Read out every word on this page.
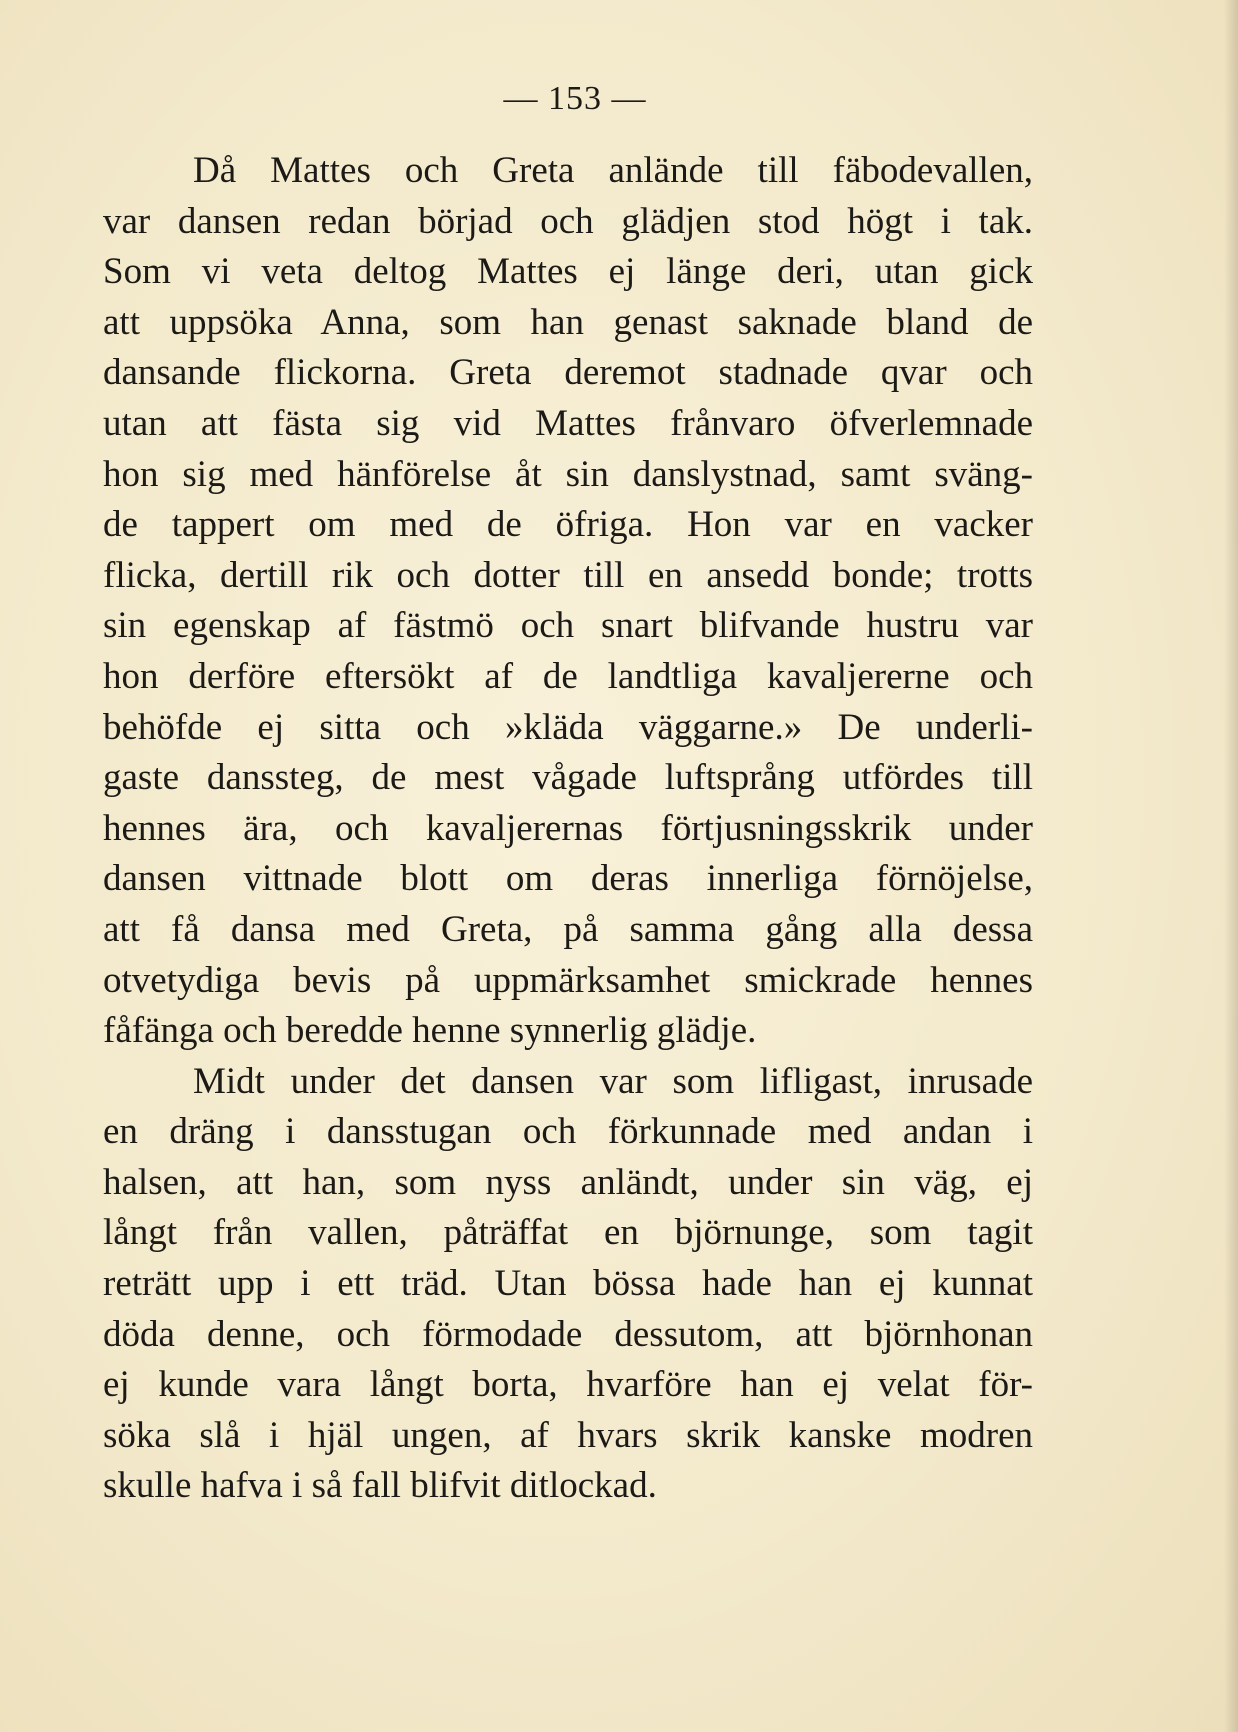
— 153 —
Då Mattes och Greta anlände till fäbodevallen,
var dansen redan börjad och glädjen stod högt i tak.
Som vi veta deltog Mattes ej länge deri, utan gick
att uppsöka Anna, som han genast saknade bland de
dansande flickorna. Greta deremot stadnade qvar och
utan att fästa sig vid Mattes frånvaro öfverlemnade
hon sig med hänförelse åt sin danslystnad, samt sväng-
de tappert om med de öfriga. Hon var en vacker
flicka, dertill rik och dotter till en ansedd bonde; trotts
sin egenskap af fästmö och snart blifvande hustru var
hon derföre eftersökt af de landtliga kavaljererne och
behöfde ej sitta och »kläda väggarne.» De underli-
gaste danssteg, de mest vågade luftsprång utfördes till
hennes ära, och kavaljerernas förtjusningsskrik under
dansen vittnade blott om deras innerliga förnöjelse,
att få dansa med Greta, på samma gång alla dessa
otvetydiga bevis på uppmärksamhet smickrade hennes
fåfänga och beredde henne synnerlig glädje.
Midt under det dansen var som lifligast, inrusade
en dräng i dansstugan och förkunnade med andan i
halsen, att han, som nyss anländt, under sin väg, ej
långt från vallen, påträffat en björnunge, som tagit
reträtt upp i ett träd. Utan bössa hade han ej kunnat
döda denne, och förmodade dessutom, att björnhonan
ej kunde vara långt borta, hvarföre han ej velat för-
söka slå i hjäl ungen, af hvars skrik kanske modren
skulle hafva i så fall blifvit ditlockad.
